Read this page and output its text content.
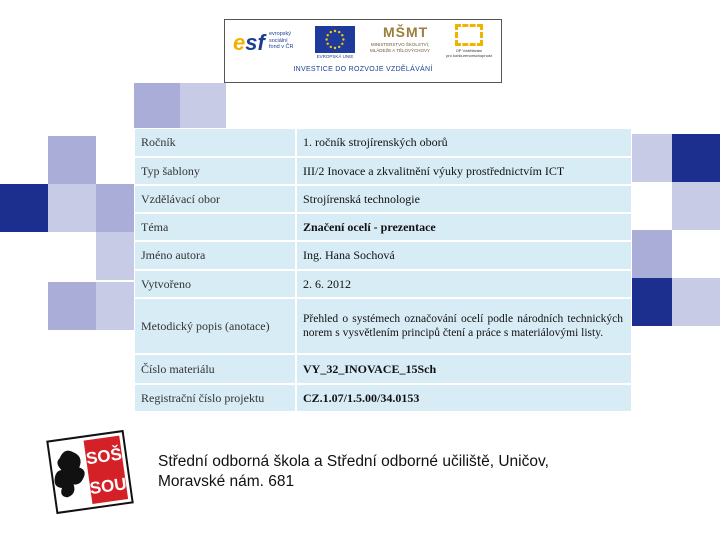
esf evropský
sociální
fond v ČR
EVROPSKÁ UNIE
MŠMT
MINISTERSTVO ŠKOLSTVÍ,
MLÁDEŽE A TĚLOVÝCHOVY	OP Vzdělávání
pro konkurenceschopnost
INVESTICE DO ROZVOJE VZDĚLÁVÁNÍ
Ročník	1. ročník strojírenských oborů
Typ šablony	III/2 Inovace a zkvalitnění výuky prostřednictvím ICT
Vzdělávací obor	Strojírenská technologie
Téma	Značení ocelí - prezentace
Jméno autora	Ing. Hana Sochová
Vytvořeno	2. 6. 2012
Metodický popis (anotace)	Přehled o systémech označování ocelí podle národních technických norem s vysvětlením principů čtení a práce s materiálovými listy.
Číslo materiálu	VY_32_INOVACE_15Sch
Registrační číslo projektu	CZ.1.07/1.5.00/34.0153
SOŠ
SOU
Střední odborná škola a Střední odborné učiliště, Uničov,
Moravské nám. 681
